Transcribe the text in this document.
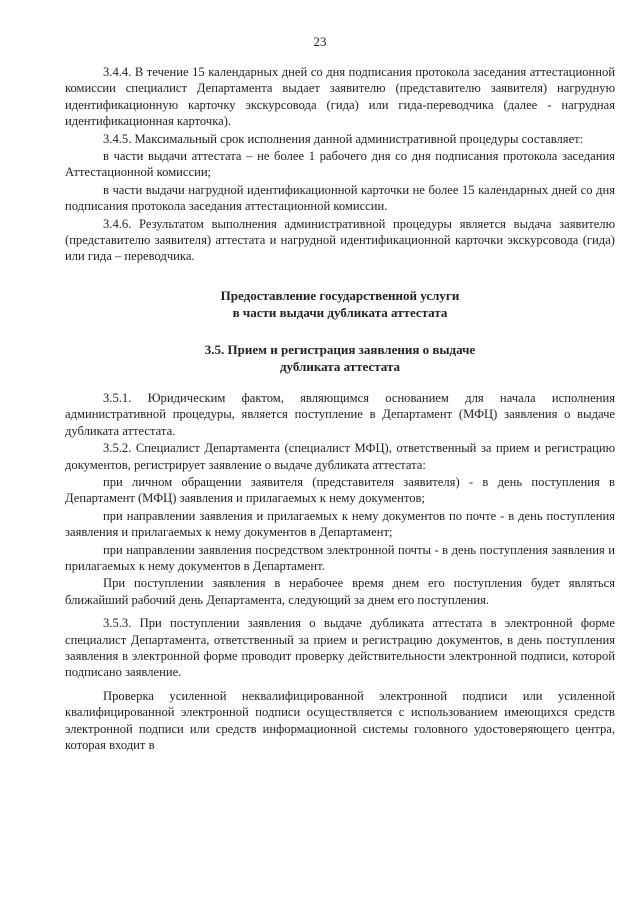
23

3.4.4. В течение 15 календарных дней со дня подписания протокола заседания аттестационной комиссии специалист Департамента выдает заявителю (представителю заявителя) нагрудную идентификационную карточку экскурсовода (гида) или гида-переводчика (далее - нагрудная идентификационная карточка).

3.4.5. Максимальный срок исполнения данной административной процедуры составляет:

в части выдачи аттестата – не более 1 рабочего дня со дня подписания протокола заседания Аттестационной комиссии;

в части выдачи нагрудной идентификационной карточки не более 15 календарных дней со дня подписания протокола заседания аттестационной комиссии.

3.4.6. Результатом выполнения административной процедуры является выдача заявителю (представителю заявителя) аттестата и нагрудной идентификационной карточки экскурсовода (гида) или гида – переводчика.

Предоставление государственной услуги

в части выдачи дубликата аттестата

3.5. Прием и регистрация заявления о выдаче

дубликата аттестата

3.5.1. Юридическим фактом, являющимся основанием для начала исполнения административной процедуры, является поступление в Департамент (МФЦ) заявления о выдаче дубликата аттестата.

3.5.2. Специалист Департамента (специалист МФЦ), ответственный за прием и регистрацию документов, регистрирует заявление о выдаче дубликата аттестата:

при личном обращении заявителя (представителя заявителя) - в день поступления в Департамент (МФЦ) заявления и прилагаемых к нему документов;

при направлении заявления и прилагаемых к нему документов по почте - в день поступления заявления и прилагаемых к нему документов в Департамент;

при направлении заявления посредством электронной почты - в день поступления заявления и прилагаемых к нему документов в Департамент.

При поступлении заявления в нерабочее время днем его поступления будет являться ближайший рабочий день Департамента, следующий за днем его поступления.

3.5.3. При поступлении заявления о выдаче дубликата аттестата в электронной форме специалист Департамента, ответственный за прием и регистрацию документов, в день поступления заявления в электронной форме проводит проверку действительности электронной подписи, которой подписано заявление.

Проверка усиленной неквалифицированной электронной подписи или усиленной квалифицированной электронной подписи осуществляется с использованием имеющихся средств электронной подписи или средств информационной системы головного удостоверяющего центра, которая входит в
